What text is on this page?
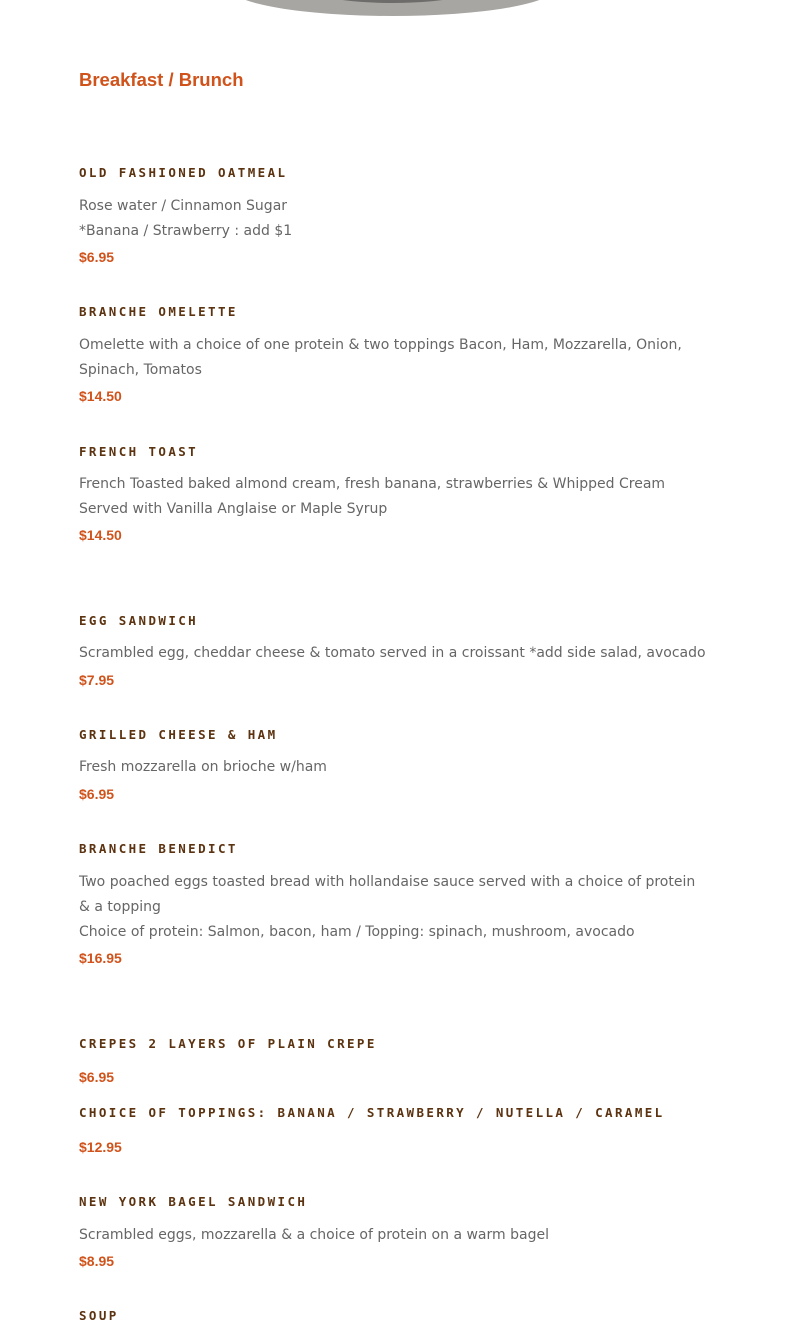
Breakfast / Brunch
OLD FASHIONED OATMEAL

Rose water / Cinnamon Sugar

*Banana / Strawberry : add $1

$6.95

BRANCHE OMELETTE

Omelette with a choice of one protein & two toppings Bacon, Ham, Mozzarella, Onion, Spinach, Tomatos

$14.50

FRENCH TOAST

French Toasted baked almond cream, fresh banana, strawberries & Whipped Cream Served with Vanilla Anglaise or Maple Syrup

$14.50

EGG SANDWICH

Scrambled egg, cheddar cheese & tomato served in a croissant *add side salad, avocado

$7.95

GRILLED CHEESE & HAM

Fresh mozzarella on brioche w/ham

$6.95

BRANCHE BENEDICT

Two poached eggs toasted bread with hollandaise sauce served with a choice of protein & a topping

Choice of protein: Salmon, bacon, ham / Topping: spinach, mushroom, avocado

$16.95

CREPES 2 LAYERS OF PLAIN CREPE

$6.95

CHOICE OF TOPPINGS: BANANA / STRAWBERRY / NUTELLA / CARAMEL

$12.95

NEW YORK BAGEL SANDWICH

Scrambled eggs, mozzarella & a choice of protein on a warm bagel

$8.95

SOUP
